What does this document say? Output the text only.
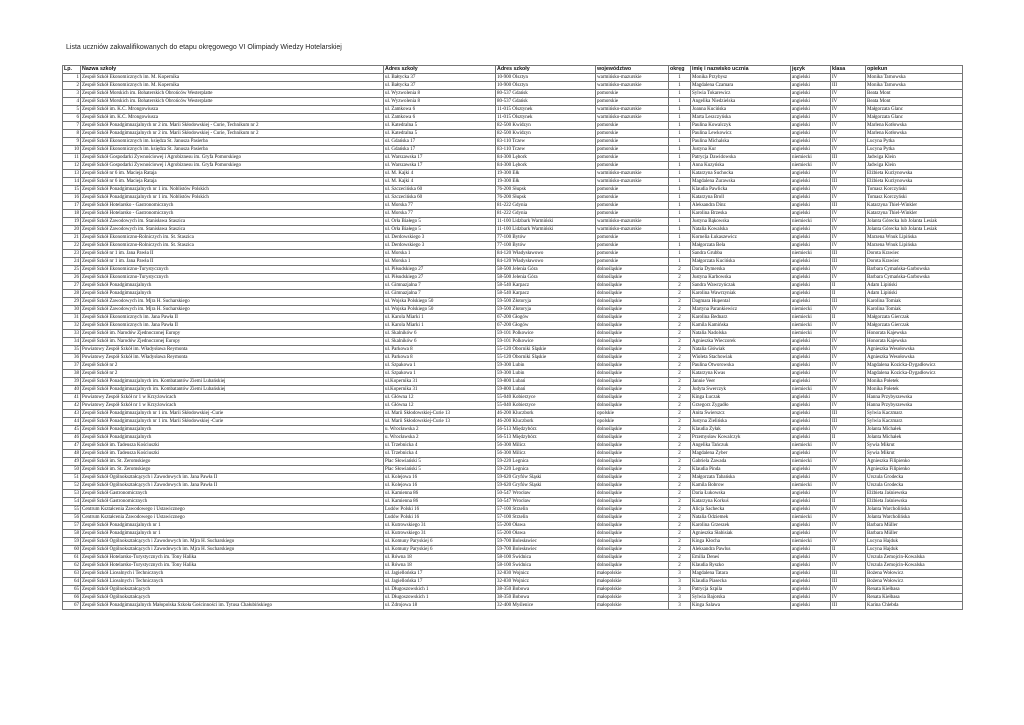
Lista uczniów zakwalifikowanych do etapu okręgowego VI Olimpiady Wiedzy Hotelarskiej
Lp.	Nazwa szkoły	Adres szkoły	Adres szkoły	województwo	okręg	imię i nazwisko ucznia	język	klasa	opiekun
1	Zespół Szkół Ekonomicznych im. M. Kopernika	ul. Bałtycka 37	10-900 Olsztyn	warmińsko-mazurskie	1	Monika Przybysz	angielski	IV	Monika Tarnowska
2	Zespół Szkół Ekonomicznych im. M. Kopernika	ul. Bałtycka 37	10-900 Olsztyn	warmińsko-mazurskie	1	Magdalena Czamara	angielski	III	Monika Tarnowska
3	Zespół Szkół Morskich im. Bohaterskich Obrońców Westerplatte	ul. Wyzwolenia 8	80-537 Gdańsk	pomorskie	1	Sylwia Tokarewicz	angielski	IV	Beata Mont
4	Zespół Szkół Morskich im. Bohaterskich Obrońców Westerplatte	ul. Wyzwolenia 8	80-537 Gdańsk	pomorskie	1	Angelika Niedzielska	angielski	IV	Beata Mont
5	Zespół Szkół im. K.C. Mrongowiusza	ul. Zamkowa 6	11-015 Olsztynek	warmińsko-mazurskie	1	Joanna Kucińska	angielski	IV	Małgorzata Glanc
6	Zespół Szkół im. K.C. Mrongowiusza	ul. Zamkowa 6	11-015 Olsztynek	warmińsko-mazurskie	1	Marta Leszczyńska	angielski	IV	Małgorzata Glanc
7	Zespół Szkół Ponadgimnazjalnych nr 2 im. Marii Skłodowskiej - Curie, Technikum nr 2	ul. Katedralna 5	82-500 Kwidzyn	pomorskie	1	Paulina Kowalczyk	angielski	IV	Marlena Kotłowska
8	Zespół Szkół Ponadgimnazjalnych nr 2 im. Marii Skłodowskiej - Curie, Technikum nr 2	ul. Katedralna 5	82-500 Kwidzyn	pomorskie	1	Paulina Lewkowicz	angielski	IV	Marlena Kotłowska
9	Zespół Szkół Ekonomicznych im. księdza St. Janusza Pasierba	ul. Gdańska 17	83-110 Tczew	pomorskie	1	Paulina Michalska	angielski	IV	Lucyna Pytka
10	Zespół Szkół Ekonomicznych im. księdza St. Janusza Pasierba	ul. Gdańska 17	83-110 Tczew	pomorskie	1	Justyna Kur	angielski	IV	Lucyna Pytka
11	Zespół Szkół Gospodarki Żywnościowej i Agrobiznesu im. Gryfa Pomorskiego	ul. Warszawska 17	84-300 Lębork	pomorskie	1	Patrycja Dawidowska	niemiecki	III	Jadwiga Klein
12	Zespół Szkół Gospodarki Żywnościowej i Agrobiznesu im. Gryfa Pomorskiego	ul. Warszawska 17	84-300 Lębork	pomorskie	1	Anna Kuzyńska	niemiecki	IV	Jadwiga Klein
13	Zespół Szkół nr 6 im. Macieja Rataja	ul. M. Kajki 4	19-300 Ełk	warmińsko-mazurskie	1	Katarzyna Suchocka	angielski	IV	Elżbieta Kurżynowska
14	Zespół Szkół nr 6 im. Macieja Rataja	ul. M. Kajki 4	19-300 Ełk	warmińsko-mazurskie	1	Magdalena Żurawska	angielski	III	Elżbieta Kurżynowska
15	Zespół Szkół Ponadgimnazjalnych nr 1 im. Noblistów Polskich	ul. Szczecińska 60	76-200 Słupsk	pomorskie	1	Klaudia Pawlicka	angielski	IV	Tomasz Korczyński
16	Zespół Szkół Ponadgimnazjalnych nr 1 im. Noblistów Polskich	ul. Szczecińska 60	76-200 Słupsk	pomorskie	1	Katarzyna Broll	angielski	IV	Tomasz Korczyński
17	Zespół Szkół Hotelarsko - Gastronomicznych	ul. Morska 77	81-222 Gdynia	pomorskie	1	Aleksandra Dinz	angielski	III	Katarzyna Thiel-Winkler
18	Zespół Szkół Hotelarsko - Gastronomicznych	ul. Morska 77	81-222 Gdynia	pomorskie	1	Karolina Brzeska	angielski	IV	Katarzyna Thiel-Winkler
19	Zespół Szkół Zawodowych im. Stanisława Staszica	ul. Orła Białego 5	11-100 Lidzbark Warmiński	warmińsko-mazurskie	1	Justyna Bąkowska	niemiecki	IV	Jolanta Górecka lub Jolanta Lesiak
20	Zespół Szkół Zawodowych im. Stanisława Staszica	ul. Orła Białego 5	11-100 Lidzbark Warmiński	warmińsko-mazurskie	1	Natalia Kowalska	angielski	IV	Jolanta Górecka lub Jolanta Lesiak
21	Zespół Szkół Ekonomiczno-Rolniczych im. St. Staszica	ul. Derdowskiego 3	77-100 Bytów	pomorskie	1	Kornelia Łukaszewicz	angielski	IV	Marzena Wnuk Lipińska
22	Zespół Szkół Ekonomiczno-Rolniczych im. St. Staszica	ul. Derdowskiego 3	77-100 Bytów	pomorskie	1	Małgorzata Bela	angielski	IV	Marzena Wnuk Lipińska
23	Zespół Szkół nr 1 im. Jana Pawła II	ul. Morska 1	84-120 Władysławowo	pomorskie	1	Sandra Grubba	niemiecki	III	Dorota Krawiec
24	Zespół Szkół nr 1 im. Jana Pawła II	ul. Morska 1	84-120 Władysławowo	pomorskie	1	Małgorzata Kucińska	angielski	III	Dorota Krawiec
25	Zespół Szkół Ekonomiczno-Turystycznych	ul. Piłsudskiego 27	58-500 Jelenia Góra	dolnośląskie	2	Daria Dymerska	angielski	IV	Barbara Cymańska-Garbowska
26	Zespół Szkół Ekonomiczno-Turystycznych	ul. Piłsudskiego 27	58-500 Jelenia Góra	dolnośląskie	2	Justyna Karbowska	angielski	IV	Barbara Cymańska-Garbowska
27	Zespół Szkół Ponadgimnazjalnych	ul. Gimnazjalna 7	58-540 Karpacz	dolnośląskie	2	Sandra Wawrzyńczak	angielski	II	Adam Lipiński
28	Zespół Szkół Ponadgimnazjalnych	ul. Gimnazjalna 7	58-540 Karpacz	dolnośląskie	2	Karolina Wawrzyniak	angielski	II	Adam Lipiński
29	Zespół Szkół Zawodowych im. Mjra H. Sucharskiego	ul. Wojska Polskiego 50	59-500 Złotoryja	dolnośląskie	2	Dagmara Hupental	angielski	III	Karolina Tomiak
30	Zespół Szkół Zawodowych im. Mjra H. Sucharskiego	ul. Wojska Polskiego 50	59-500 Złotoryja	dolnośląskie	2	Martyna Parankiewicz	niemiecki	IV	Karolina Tomiak
31	Zespół Szkół Ekonomicznych im. Jana Pawła II	ul. Karola Miarki 1	67-200 Głogów	dolnośląskie	2	Karolina Bednarz	niemiecki	II	Małgorzata Gierczak
32	Zespół Szkół Ekonomicznych im. Jana Pawła II	ul. Karola Miarki 1	67-200 Głogów	dolnośląskie	2	Kamila Kamińska	niemiecki	IV	Małgorzata Gierczak
33	Zespół Szkół im. Narodów Zjednoczonej Europy	ul. Skalników 6	59-101 Polkowice	dolnośląskie	2	Natalia Nadolska	niemiecki	IV	Honorata Kajewska
34	Zespół Szkół im. Narodów Zjednoczonej Europy	ul. Skalników 6	59-101 Polkowice	dolnośląskie	2	Agnieszka Wieczorek	angielski	IV	Honorata Kajewska
35	Powiatowy Zespół Szkół im. Władysława Reymonta	ul. Parkowa 8	55-120 Oborniki Śląskie	dolnośląskie	2	Natalia Główiak	angielski	IV	Agnieszka Wesołowska
36	Powiatowy Zespół Szkół im. Władysława Reymonta	ul. Parkowa 8	55-120 Oborniki Śląskie	dolnośląskie	2	Wioleta Stachowiak	angielski	IV	Agnieszka Wesołowska
37	Zespół Szkół nr 2	ul. Szpakowa 1	59-300 Lubin	dolnośląskie	2	Paulina Otworowska	angielski	IV	Magdalena Kozicka-Dygadłowicz
38	Zespół Szkół nr 2	ul. Szpakowa 1	59-300 Lubin	dolnośląskie	2	Katarzyna Kwas	angielski	IV	Magdalena Kozicka-Dygadłowicz
39	Zespół Szkół Ponadgimnazjalnych im. Kombatantów Ziemi Lubańskiej	ul.Kopernika 31	59-800 Lubań	dolnośląskie	2	Jannie Veer	angielski	IV	Monika Połetek
40	Zespół Szkół Ponadgimnazjalnych im. Kombatantów Ziemi Lubańskiej	ul.Kopernika 31	59-800 Lubań	dolnośląskie	2	Judyta Swerczyk	niemiecki	IV	Monika Połetek
41	Powiatowy Zespół Szkół nr 1 w Krzyżowicach	ul. Główna 12	55-040 Kobierzyce	dolnośląskie	2	Kinga Łuczak	angielski	IV	Hanna Przybyszewska
42	Powiatowy Zespół Szkół nr 1 w Krzyżowicach	ul. Główna 12	55-040 Kobierzyce	dolnośląskie	2	Grzegorz Zygadło	angielski	IV	Hanna Przybyszewska
43	Zespół Szkół Ponadgimnazjalnych nr 1 im. Marii Skłodowskiej -Curie	ul. Marii Skłodowskiej-Curie 13	46-200 Kluczbork	opolskie	2	Anita Świerszcz	angielski	III	Sylwia Kaczmarz
44	Zespół Szkół Ponadgimnazjalnych nr 1 im. Marii Skłodowskiej -Curie	ul. Marii Skłodowskiej-Curie 13	46-200 Kluczbork	opolskie	2	Justyna Zielińska	angielski	III	Sylwia Kaczmarz
45	Zespół Szkół Ponadgimnazjalnych	u. Wrocławska 2	56-513 Międzybórz	dolnośląskie	2	Klaudia Żyłak	angielski	IV	Jolanta Michałek
46	Zespół Szkół Ponadgimnazjalnych	u. Wrocławska 2	56-513 Międzybórz	dolnośląskie	2	Przemysław Kowalczyk	angielski	II	Jolanta Michałek
47	Zespół Szkół im. Tadeusza Kościuszki	ul. Trzebnicka 4	56-300 Milicz	dolnośląskie	2	Angelika Tańczuk	niemiecki	IV	Sywia Mikrut
48	Zespół Szkół im. Tadeusza Kościuszki	ul. Trzebnicka 4	56-300 Milicz	dolnośląskie	2	Magdalena Zyber	angielski	IV	Sywia Mikrut
49	Zespół Szkół im. St. Żeromskiego	Plac Słowiański 5	59-220 Legnica	dolnośląskie	2	Gabriela Zawada	niemiecki	IV	Agnieszka Filipienko
50	Zespół Szkół im. St. Żeromskiego	Plac Słowiański 5	59-220 Legnica	dolnośląskie	2	Klaudia Pinda	angielski	IV	Agnieszka Filipienko
51	Zespół Szkół Ogólnokształcących i Zawodowych im. Jana Pawła II	ul. Kolejowa 16	59-620 Gryfów Śląski	dolnośląskie	2	Małgorzata Tabańska	angielski	IV	Urszula Grodecka
52	Zespół Szkół Ogólnokształcących i Zawodowych im. Jana Pawła II	ul. Kolejowa 16	59-620 Gryfów Śląski	dolnośląskie	2	Kamila Bobrow	niemiecki	IV	Urszula Grodecka
53	Zespół Szkół Gastronomicznych	ul. Kamienna 86	50-547 Wrocław	dolnośląskie	2	Daria Łukowska	angielski	IV	Elżbieta Jaśniewska
54	Zespół Szkół Gastronomicznych	ul. Kamienna 86	50-547 Wrocław	dolnośląskie	2	Katarzyna Korkuś	angielski	II	Elżbieta Jaśniewska
55	Centrum Kształcenia Zawodowego i Ustawicznego	Ludów Polski 16	57-100 Strzelin	dolnośląskie	2	Alicja Sachecka	angielski	IV	Jolanta Warcholińska
56	Centrum Kształcenia Zawodowego i Ustawicznego	Ludów Polski 16	57-100 Strzelin	dolnośląskie	2	Natalia Odziemek	niemiecki	IV	Jolanta Warcholińska
57	Zespół Szkół Ponadgimnazjalnych nr 1	ul. Kutrowskiego 31	55-200 Oława	dolnośląskie	2	Karolina Grzeszek	angielski	IV	Barbara Müller
58	Zespół Szkół Ponadgimnazjalnych nr 1	ul. Kutrowskiego 31	55-200 Oława	dolnośląskie	2	Agnieszka Słabisiak	angielski	IV	Barbara Müller
59	Zespół Szkół Ogólnokształcących i Zawodowych im. Mjra H. Sucharskiego	ul. Komuny Paryskiej 6	59-700 Bolesławiec	dolnośląskie	2	Kinga Kłocha	niemiecki	IV	Lucyna Hajduk
60	Zespół Szkół Ogólnokształcących i Zawodowych im. Mjra H. Sucharskiego	ul. Komuny Paryskiej 6	59-700 Bolesławiec	dolnośląskie	2	Aleksandra Pawlus	angielski	II	Lucyna Hajduk
61	Zespół Szkół Hotelarsko-Turystycznych im. Tony Halika	ul. Równa 18	58-100 Świdnica	dolnośląskie	2	Emilia Deneś	angielski	IV	Urszula Zemojcin-Kowalska
62	Zespół Szkół Hotelarsko-Turystycznych im. Tony Halika	ul. Równa 18	58-100 Świdnica	dolnośląskie	2	Klaudia Ryszko	angielski	IV	Urszula Zemojcin-Kowalska
63	Zespół Szkół Licealnych i Technicznych	ul. Jagiellońska 17	32-830 Wojnicz	małopolskie	3	Magdalena Tatara	angielski	III	Bożena Wołowicz
64	Zespół Szkół Licealnych i Technicznych	ul. Jagiellońska 17	32-830 Wojnicz	małopolskie	3	Klaudia Piasecka	angielski	III	Bożena Wołowicz
65	Zespół Szkół Ogólnokształcących	ul. Długoszowskich 1	38-350 Bobowa	małopolskie	3	Patrycja Szpila	angielski	IV	Renata Kiełbasa
66	Zespół Szkół Ogólnokształcących	ul. Długoszowskich 1	38-350 Bobowa	małopolskie	3	Sylwia Bajorska	angielski	IV	Renata Kiełbasa
67	Zespół Szkół Ponadgimnazjalnych Małopolska Szkoła Gościnności im. Tytusa Chałubińskiego	ul. Zdrojowa 18	32-400 Myślenice	małopolskie	3	Kinga Salawa	angielski	III	Karina Chlebda
